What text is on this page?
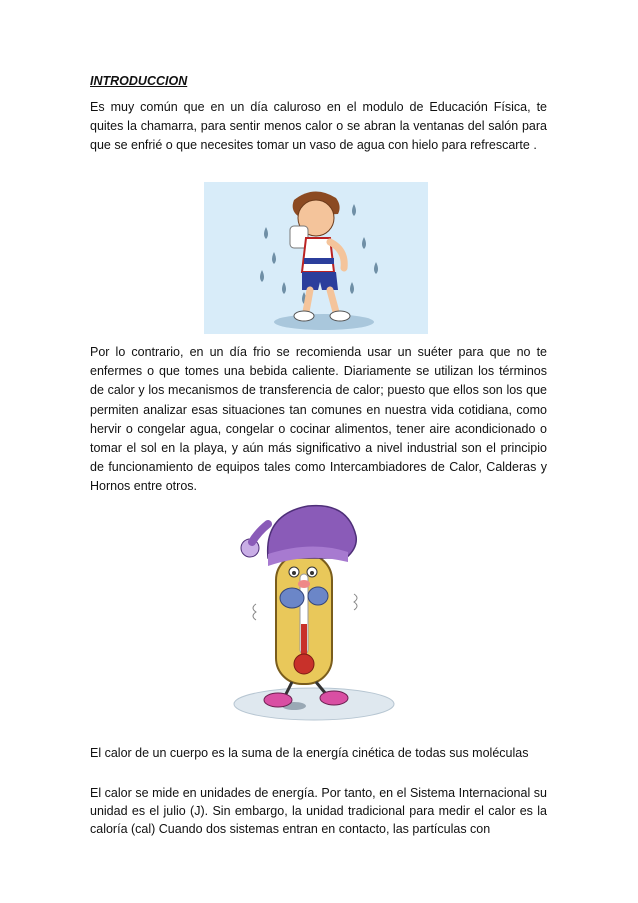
INTRODUCCION

Es muy común que en un día caluroso en el modulo de Educación Física, te quites la chamarra, para sentir menos calor o se abran la ventanas del salón para que se enfrié o que necesites tomar un vaso de agua con hielo para refrescarte .

Por lo contrario, en un día frio se recomienda usar un suéter para que no te enfermes o que tomes una bebida caliente. Diariamente se utilizan los términos de calor y los mecanismos de transferencia de calor; puesto que ellos son los que permiten analizar esas situaciones tan comunes en nuestra vida cotidiana, como hervir o congelar agua, congelar o cocinar alimentos, tener aire acondicionado o tomar el sol en la playa, y aún más significativo a nivel industrial son el principio de funcionamiento de equipos tales como Intercambiadores de Calor, Calderas y Hornos entre otros.

El calor de un cuerpo es la suma de la energía cinética de todas sus moléculas

El calor se mide en unidades de energía. Por tanto, en el Sistema Internacional su unidad es el julio (J). Sin embargo, la unidad tradicional para medir el calor es la caloría (cal) Cuando dos sistemas entran en contacto, las partículas con
